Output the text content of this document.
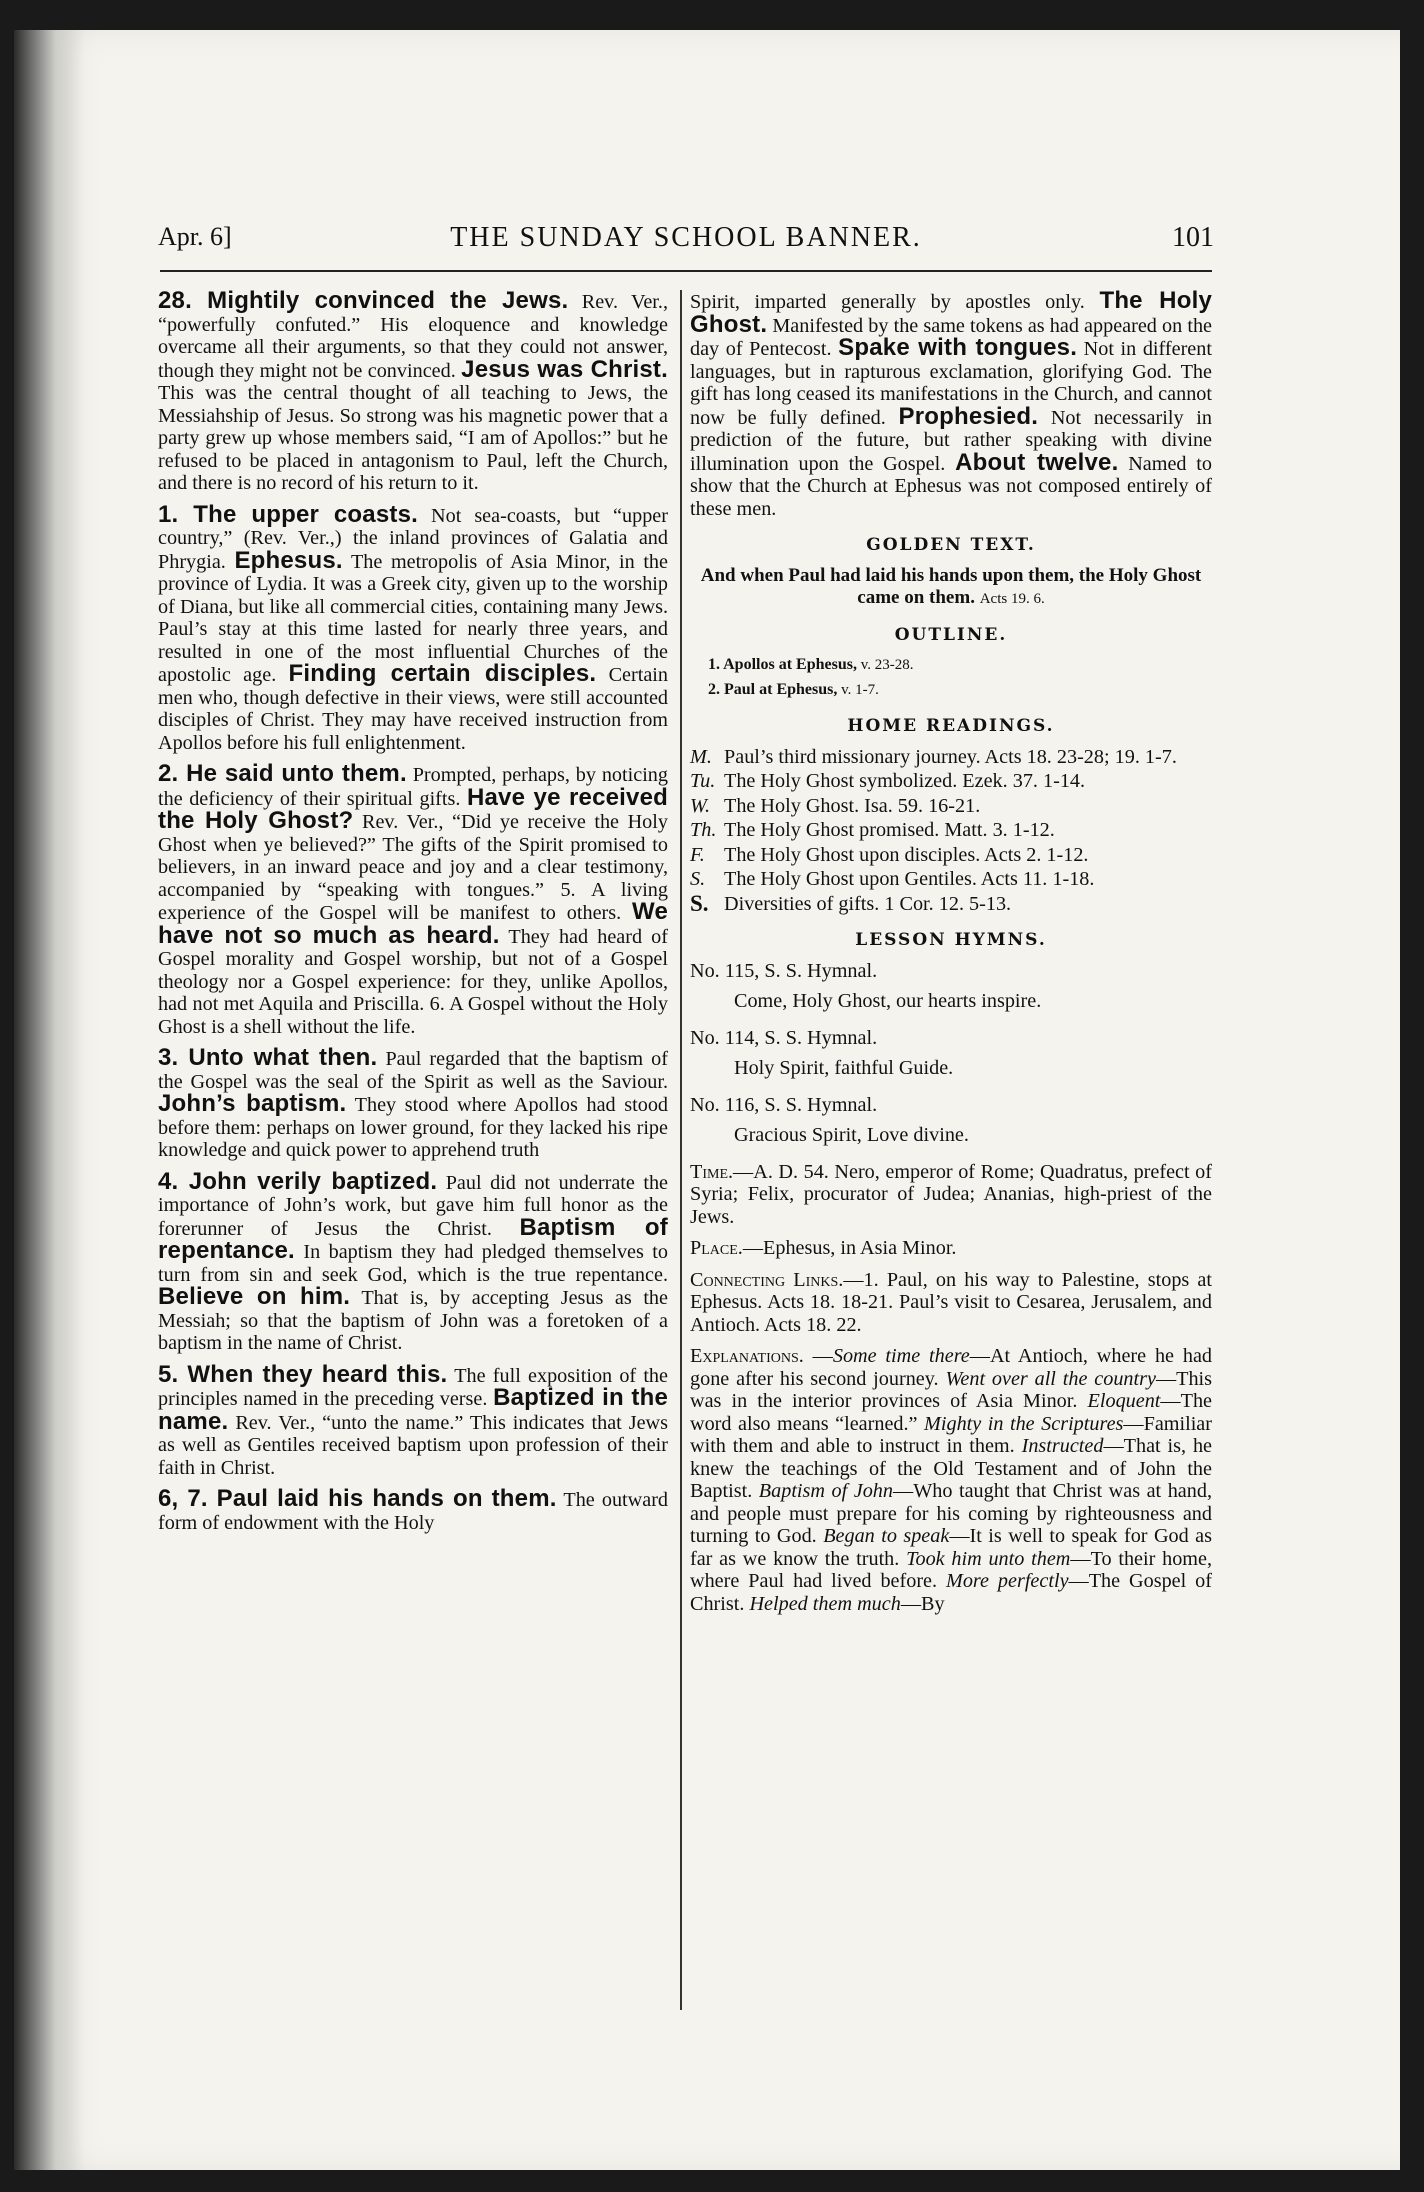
Apr. 6]	THE SUNDAY SCHOOL BANNER.	101

28. Mightily convinced the Jews. Rev. Ver., “powerfully confuted.” His eloquence and knowledge overcame all their arguments, so that they could not answer, though they might not be convinced. Jesus was Christ. This was the central thought of all teaching to Jews, the Messiahship of Jesus. So strong was his magnetic power that a party grew up whose members said, “I am of Apollos:” but he refused to be placed in antagonism to Paul, left the Church, and there is no record of his return to it.

1. The upper coasts. Not sea-coasts, but “upper country,” (Rev. Ver.,) the inland provinces of Galatia and Phrygia. Ephesus. The metropolis of Asia Minor, in the province of Lydia. It was a Greek city, given up to the worship of Diana, but like all commercial cities, containing many Jews. Paul’s stay at this time lasted for nearly three years, and resulted in one of the most influential Churches of the apostolic age. Finding certain disciples. Certain men who, though defective in their views, were still accounted disciples of Christ. They may have received instruction from Apollos before his full enlightenment.

2. He said unto them. Prompted, perhaps, by noticing the deficiency of their spiritual gifts. Have ye received the Holy Ghost? Rev. Ver., “Did ye receive the Holy Ghost when ye believed?” The gifts of the Spirit promised to believers, in an inward peace and joy and a clear testimony, accompanied by “speaking with tongues.” 5. A living experience of the Gospel will be manifest to others. We have not so much as heard. They had heard of Gospel morality and Gospel worship, but not of a Gospel theology nor a Gospel experience: for they, unlike Apollos, had not met Aquila and Priscilla. 6. A Gospel without the Holy Ghost is a shell without the life.

3. Unto what then. Paul regarded that the baptism of the Gospel was the seal of the Spirit as well as the Saviour. John’s baptism. They stood where Apollos had stood before them: perhaps on lower ground, for they lacked his ripe knowledge and quick power to apprehend truth

4. John verily baptized. Paul did not underrate the importance of John’s work, but gave him full honor as the forerunner of Jesus the Christ. Baptism of repentance. In baptism they had pledged themselves to turn from sin and seek God, which is the true repentance. Believe on him. That is, by accepting Jesus as the Messiah; so that the baptism of John was a foretoken of a baptism in the name of Christ.

5. When they heard this. The full exposition of the principles named in the preceding verse. Baptized in the name. Rev. Ver., “unto the name.” This indicates that Jews as well as Gentiles received baptism upon profession of their faith in Christ.

6, 7. Paul laid his hands on them. The outward form of endowment with the Holy

Spirit, imparted generally by apostles only. The Holy Ghost. Manifested by the same tokens as had appeared on the day of Pentecost. Spake with tongues. Not in different languages, but in rapturous exclamation, glorifying God. The gift has long ceased its manifestations in the Church, and cannot now be fully defined. Prophesied. Not necessarily in prediction of the future, but rather speaking with divine illumination upon the Gospel. About twelve. Named to show that the Church at Ephesus was not composed entirely of these men.

GOLDEN TEXT.
And when Paul had laid his hands upon them, the Holy Ghost came on them. Acts 19. 6.
OUTLINE.
1. Apollos at Ephesus, v. 23-28.
2. Paul at Ephesus, v. 1-7.
HOME READINGS.
M. Paul’s third missionary journey. Acts 18. 23-28; 19. 1-7.
Tu. The Holy Ghost symbolized. Ezek. 37. 1-14.
W. The Holy Ghost. Isa. 59. 16-21.
Th. The Holy Ghost promised. Matt. 3. 1-12.
F. The Holy Ghost upon disciples. Acts 2. 1-12.
S. The Holy Ghost upon Gentiles. Acts 11. 1-18.
S. Diversities of gifts. 1 Cor. 12. 5-13.
LESSON HYMNS.
No. 115, S. S. Hymnal.
Come, Holy Ghost, our hearts inspire.
No. 114, S. S. Hymnal.
Holy Spirit, faithful Guide.
No. 116, S. S. Hymnal.
Gracious Spirit, Love divine.

Time.—A. D. 54. Nero, emperor of Rome; Quadratus, prefect of Syria; Felix, procurator of Judea; Ananias, high-priest of the Jews.

Place.—Ephesus, in Asia Minor.

Connecting Links.—1. Paul, on his way to Palestine, stops at Ephesus. Acts 18. 18-21. Paul’s visit to Cesarea, Jerusalem, and Antioch. Acts 18. 22.

Explanations. —Some time there—At Antioch, where he had gone after his second journey. Went over all the country—This was in the interior provinces of Asia Minor. Eloquent—The word also means “learned.” Mighty in the Scriptures—Familiar with them and able to instruct in them. Instructed—That is, he knew the teachings of the Old Testament and of John the Baptist. Baptism of John—Who taught that Christ was at hand, and people must prepare for his coming by righteousness and turning to God. Began to speak—It is well to speak for God as far as we know the truth. Took him unto them—To their home, where Paul had lived before. More perfectly—The Gospel of Christ. Helped them much—By
